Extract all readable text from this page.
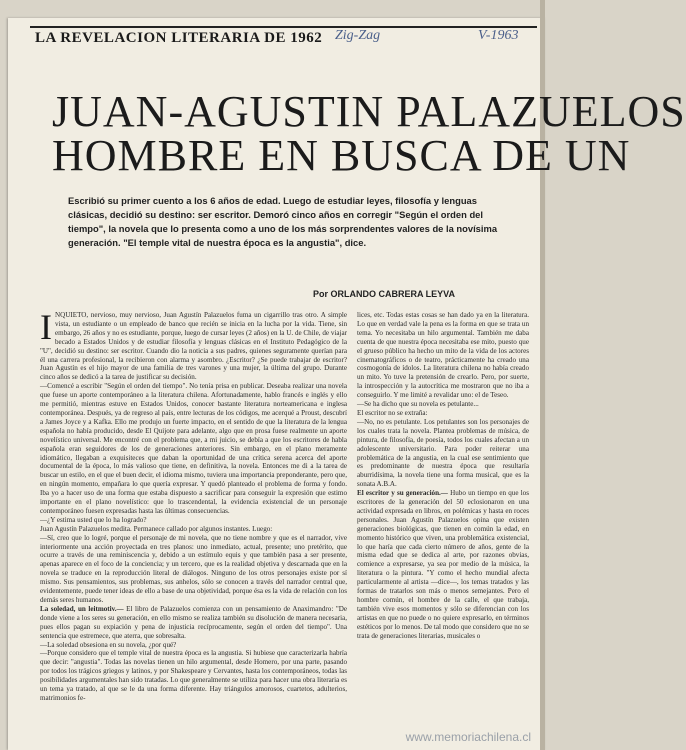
LA REVELACION LITERARIA DE 1962 Zig-Zag	V-1963
JUAN-AGUSTIN PALAZUELOS
HOMBRE EN BUSCA DE UN
Escribió su primer cuento a los 6 años de edad. Luego de estudiar leyes, filosofía y lenguas clásicas, decidió su destino: ser escritor. Demoró cinco años en corregir "Según el orden del tiempo", la novela que lo presenta como a uno de los más sorprendentes valores de la novísima generación. "El temple vital de nuestra época es la angustia", dice.
Por ORLANDO CABRERA LEYVA

INQUIETO, nervioso, muy nervioso, Juan Agustín Palazuelos fuma un cigarrillo tras otro. A simple vista, un estudiante o un empleado de banco que recién se inicia en la lucha por la vida. Tiene, sin embargo, 26 años y no es estudiante, porque, luego de cursar leyes (2 años) en la U. de Chile, de viajar becado a Estados Unidos y de estudiar filosofía y lenguas clásicas en el Instituto Pedagógico de la "U", decidió su destino: ser escritor. Cuando dio la noticia a sus padres, quienes seguramente querían para él una carrera profesional, la recibieron con alarma y asombro. ¿Escritor? ¿Se puede trabajar de escritor? Juan Agustín es el hijo mayor de una familia de tres varones y una mujer, la última del grupo. Durante cinco años se dedicó a la tarea de justificar su decisión.

—Comencé a escribir "Según el orden del tiempo". No tenía prisa en publicar. Deseaba realizar una novela que fuese un aporte contemporáneo a la literatura chilena. Afortunadamente, hablo francés e inglés y ello me permitió, mientras estuve en Estados Unidos, conocer bastante literatura norteamericana e inglesa contemporánea. Después, ya de regreso al país, entre lecturas de los códigos, me acerqué a Proust, descubrí a James Joyce y a Kafka. Ello me produjo un fuerte impacto, en el sentido de que la literatura de la lengua española no había producido, desde El Quijote para adelante, algo que en prosa fuese realmente un aporte novelístico universal. Me encontré con el problema que, a mi juicio, se debía a que los escritores de habla española eran seguidores de los de generaciones anteriores. Sin embargo, en el plano meramente idiomático, llegaban a exquisiteces que daban la oportunidad de una crítica serena acerca del aporte documental de la época, lo más valioso que tiene, en definitiva, la novela. Entonces me di a la tarea de buscar un estilo, en el que el buen decir, el idioma mismo, tuviera una importancia preponderante, pero que, en ningún momento, empañara lo que quería expresar. Y quedó planteado el problema de forma y fondo. Iba yo a hacer uso de una forma que estaba dispuesto a sacrificar para conseguir la expresión que estimo importante en el plano novelístico: que lo trascendental, la evidencia existencial de un personaje contemporáneo fuesen expresadas hasta las últimas consecuencias.

—¿Y estima usted que lo ha logrado?

Juan Agustín Palazuelos medita. Permanece callado por algunos instantes. Luego:

—Sí, creo que lo logré, porque el personaje de mi novela, que no tiene nombre y que es el narrador, vive interiormente una acción proyectada en tres planos: uno inmediato, actual, presente; uno pretérito, que ocurre a través de una reminiscencia y, debido a un estímulo equis y que también pasa a ser presente, apenas aparece en el foco de la conciencia; y un tercero, que es la realidad objetiva y descarnada que en la novela se traduce en la reproducción literal de diálogos. Ninguno de los otros personajes existe por sí mismo. Sus pensamientos, sus problemas, sus anhelos, sólo se conocen a través del narrador central que, evidentemente, puede tener ideas de ello a base de una objetividad, porque ésa es la vida de relación con los demás seres humanos.

La soledad, un leitmotiv.— El libro de Palazuelos comienza con un pensamiento de Anaximandro: "De donde viene a los seres su generación, en ello mismo se realiza también su disolución de manera necesaria, pues ellos pagan su expiación y pena de injusticia recíprocamente, según el orden del tiempo". Una sentencia que estremece, que aterra, que sobresalta.

—La soledad obsesiona en su novela, ¿por qué?

—Porque considero que el temple vital de nuestra época es la angustia. Si hubiese que caracterizarla habría que decir: "angustia". Todas las novelas tienen un hilo argumental, desde Homero, por una parte, pasando por todos los trágicos griegos y latinos, y por Shakespeare y Cervantes, hasta los contemporáneos, todas las posibilidades argumentales han sido tratadas. Lo que generalmente se utiliza para hacer una obra literaria es un tema ya tratado, al que se le da una forma diferente. Hay triángulos amorosos, cuartetos, adulterios, matrimonios fe-

lices, etc. Todas estas cosas se han dado ya en la literatura. Lo que en verdad vale la pena es la forma en que se trata un tema. Yo necesitaba un hilo argumental. También me daba cuenta de que nuestra época necesitaba ese mito, puesto que el grueso público ha hecho un mito de la vida de los actores cinematográficos o de teatro, prácticamente ha creado una cosmogonía de ídolos. La literatura chilena no había creado un mito. Yo tuve la pretensión de crearlo. Pero, por suerte, la introspección y la autocrítica me mostraron que no iba a conseguirlo. Y me limité a revalidar uno: el de Teseo.

—Se ha dicho que su novela es petulante...

El escritor no se extraña:

—No, no es petulante. Los petulantes son los personajes de los cuales trata la novela. Plantea problemas de música, de pintura, de filosofía, de poesía, todos los cuales afectan a un adolescente universitario. Para poder reiterar una problemática de la angustia, en la cual ese sentimiento que es predominante de nuestra época que resultaría aburridísima, la novela tiene una forma musical, que es la sonata A.B.A.

El escritor y su generación.— Hubo un tiempo en que los escritores de la generación del 50 eclosionaron en una actividad expresada en libros, en polémicas y hasta en roces personales. Juan Agustín Palazuelos opina que existen generaciones biológicas, que tienen en común la edad, en momento histórico que viven, una problemática existencial, lo que haría que cada cierto número de años, gente de la misma edad que se dedica al arte, por razones obvias, comience a expresarse, ya sea por medio de la música, la literatura o la pintura. "Y como el hecho mundial afecta particularmente al artista —dice—, los temas tratados y las formas de tratarlos son más o menos semejantes. Pero el hombre común, el hombre de la calle, el que trabaja, también vive esos momentos y sólo se diferencian con los artistas en que no puede o no quiere expresarlo, en términos estéticos por lo menos. De tal modo que considero que no se trata de generaciones literarias, musicales o

www.memoriachilena.cl
